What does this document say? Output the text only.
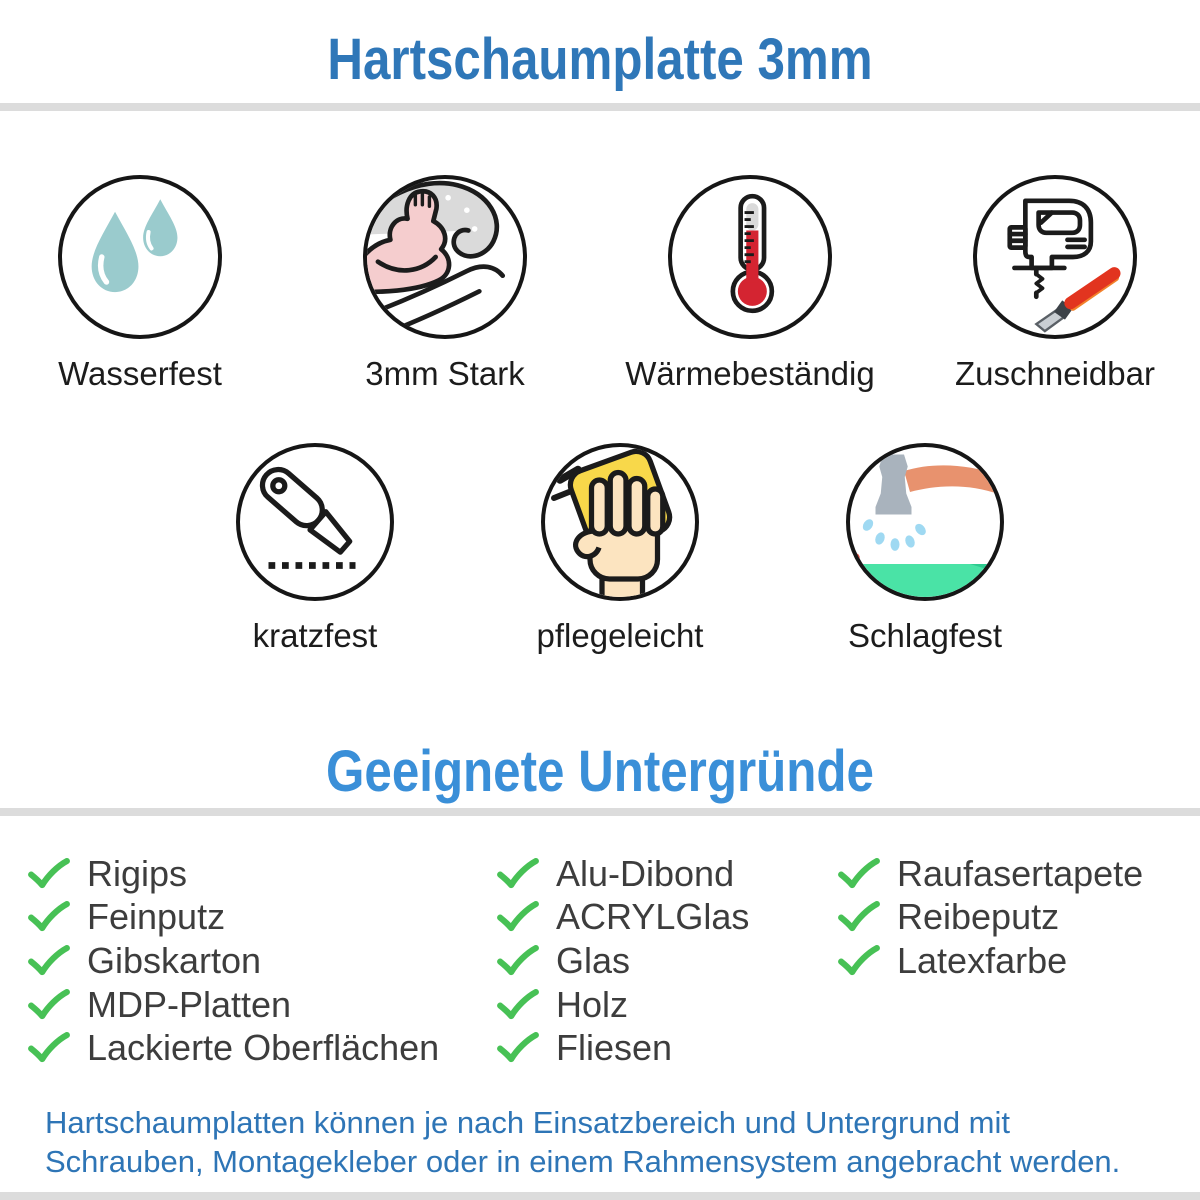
Hartschaumplatte 3mm
Wasserfest	3mm Stark	Wärmebeständig Zuschneidbar
kratzfest	pflegeleicht	Schlagfest
Geeignete Untergründe
Rigips
Feinputz
Gibskarton
MDP-Platten
Lackierte Oberflächen
Alu-Dibond
ACRYLGlas
Glas
Holz
Fliesen
Raufasertapete
Reibeputz
Latexfarbe
Hartschaumplatten können je nach Einsatzbereich und Untergrund mit
Schrauben, Montagekleber oder in einem Rahmensystem angebracht werden.
